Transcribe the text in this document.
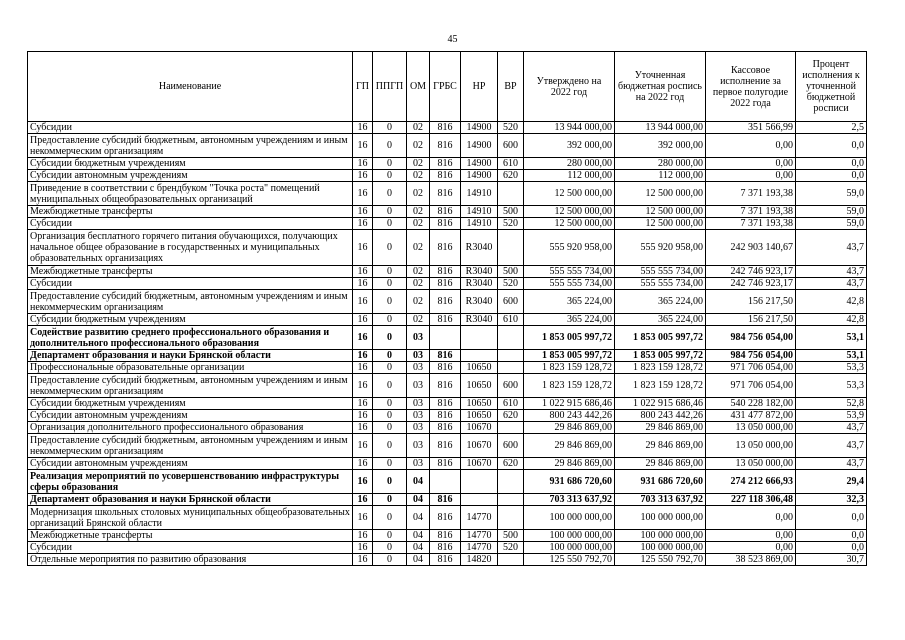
45
Наименование	ГП	ППГП	ОМ	ГРБС	НР	ВР	Утверждено на 2022 год	Уточненная бюджетная роспись на 2022 год	Кассовое исполнение за первое полугодие 2022 года	Процент исполнения к уточненной бюджетной росписи
Субсидии	16	0	02	816	14900	520	13 944 000,00	13 944 000,00	351 566,99	2,5
Предоставление субсидий бюджетным, автономным учреждениям и иным некоммерческим организациям	16	0	02	816	14900	600	392 000,00	392 000,00	0,00	0,0
Субсидии бюджетным учреждениям	16	0	02	816	14900	610	280 000,00	280 000,00	0,00	0,0
Субсидии автономным учреждениям	16	0	02	816	14900	620	112 000,00	112 000,00	0,00	0,0
Приведение в соответствии с брендбуком "Точка роста" помещений муниципальных общеобразовательных организаций	16	0	02	816	14910		12 500 000,00	12 500 000,00	7 371 193,38	59,0
Межбюджетные трансферты	16	0	02	816	14910	500	12 500 000,00	12 500 000,00	7 371 193,38	59,0
Субсидии	16	0	02	816	14910	520	12 500 000,00	12 500 000,00	7 371 193,38	59,0
Организация бесплатного горячего питания обучающихся, получающих начальное общее образование в государственных и муниципальных образовательных организациях	16	0	02	816	R3040		555 920 958,00	555 920 958,00	242 903 140,67	43,7
Межбюджетные трансферты	16	0	02	816	R3040	500	555 555 734,00	555 555 734,00	242 746 923,17	43,7
Субсидии	16	0	02	816	R3040	520	555 555 734,00	555 555 734,00	242 746 923,17	43,7
Предоставление субсидий бюджетным, автономным учреждениям и иным некоммерческим организациям	16	0	02	816	R3040	600	365 224,00	365 224,00	156 217,50	42,8
Субсидии бюджетным учреждениям	16	0	02	816	R3040	610	365 224,00	365 224,00	156 217,50	42,8
Содействие развитию среднего профессионального образования и дополнительного профессионального образования	16	0	03				1 853 005 997,72	1 853 005 997,72	984 756 054,00	53,1
Департамент образования и науки Брянской области	16	0	03	816			1 853 005 997,72	1 853 005 997,72	984 756 054,00	53,1
Профессиональные образовательные организации	16	0	03	816	10650		1 823 159 128,72	1 823 159 128,72	971 706 054,00	53,3
Предоставление субсидий бюджетным, автономным учреждениям и иным некоммерческим организациям	16	0	03	816	10650	600	1 823 159 128,72	1 823 159 128,72	971 706 054,00	53,3
Субсидии бюджетным учреждениям	16	0	03	816	10650	610	1 022 915 686,46	1 022 915 686,46	540 228 182,00	52,8
Субсидии автономным учреждениям	16	0	03	816	10650	620	800 243 442,26	800 243 442,26	431 477 872,00	53,9
Организация дополнительного профессионального образования	16	0	03	816	10670		29 846 869,00	29 846 869,00	13 050 000,00	43,7
Предоставление субсидий бюджетным, автономным учреждениям и иным некоммерческим организациям	16	0	03	816	10670	600	29 846 869,00	29 846 869,00	13 050 000,00	43,7
Субсидии автономным учреждениям	16	0	03	816	10670	620	29 846 869,00	29 846 869,00	13 050 000,00	43,7
Реализация мероприятий по усовершенствованию инфраструктуры сферы образования	16	0	04				931 686 720,60	931 686 720,60	274 212 666,93	29,4
Департамент образования и науки Брянской области	16	0	04	816			703 313 637,92	703 313 637,92	227 118 306,48	32,3
Модернизация школьных столовых муниципальных общеобразовательных организаций Брянской области	16	0	04	816	14770		100 000 000,00	100 000 000,00	0,00	0,0
Межбюджетные трансферты	16	0	04	816	14770	500	100 000 000,00	100 000 000,00	0,00	0,0
Субсидии	16	0	04	816	14770	520	100 000 000,00	100 000 000,00	0,00	0,0
Отдельные мероприятия по развитию образования	16	0	04	816	14820		125 550 792,70	125 550 792,70	38 523 869,00	30,7
